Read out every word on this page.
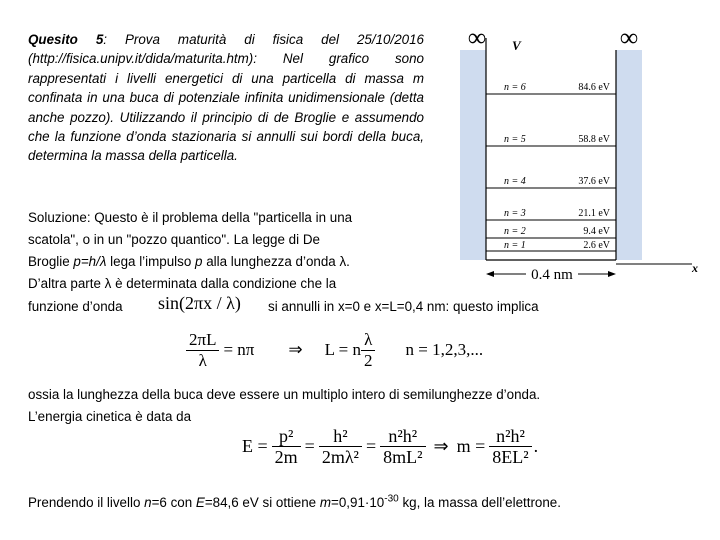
Quesito 5: Prova maturità di fisica del 25/10/2016 (http://fisica.unipv.it/dida/maturita.htm): Nel grafico sono rappresentati i livelli energetici di una particella di massa m confinata in una buca di potenziale infinita unidimensionale (detta anche pozzo). Utilizzando il principio di de Broglie e assumendo che la funzione d’onda stazionaria si annulli sui bordi della buca, determina la massa della particella.
∞	∞
V
x
n = 6	84.6 eV
n = 5	58.8 eV
n = 4	37.6 eV
n = 3	21.1 eV
n = 2	9.4 eV
n = 1	2.6 eV
0.4 nm
Soluzione: Questo è il problema della "particella in una
scatola", o in un "pozzo quantico". La legge di De
Broglie p=h/λ lega l’impulso p alla lunghezza d’onda λ.
D’altra parte λ è determinata dalla condizione che la
funzione d’onda sin(2πx / λ) si annulli in x=0 e x=L=0,4 nm: questo implica
$\frac{2\pi L}{\lambda} = n\pi$ ⇒ L = n $\frac{\lambda}{2}$ n = 1,2,3,...
ossia la lunghezza della buca deve essere un multiplo intero di semilunghezze d’onda.
L’energia cinetica è data da
$E = \frac{\text{p²}}{2m} = \frac{\text{h²}}{\text{2mλ²}} = \frac{\text{n²h²}}{\text{8mL²}}$ ⇒ $m = \frac{\text{n²h²}}{\text{8EL²}}$ .
Prendendo il livello n=6 con E=84,6 eV si ottiene $m=0,91\cdot 10^{-30}$ kg, la massa dell’elettrone.
